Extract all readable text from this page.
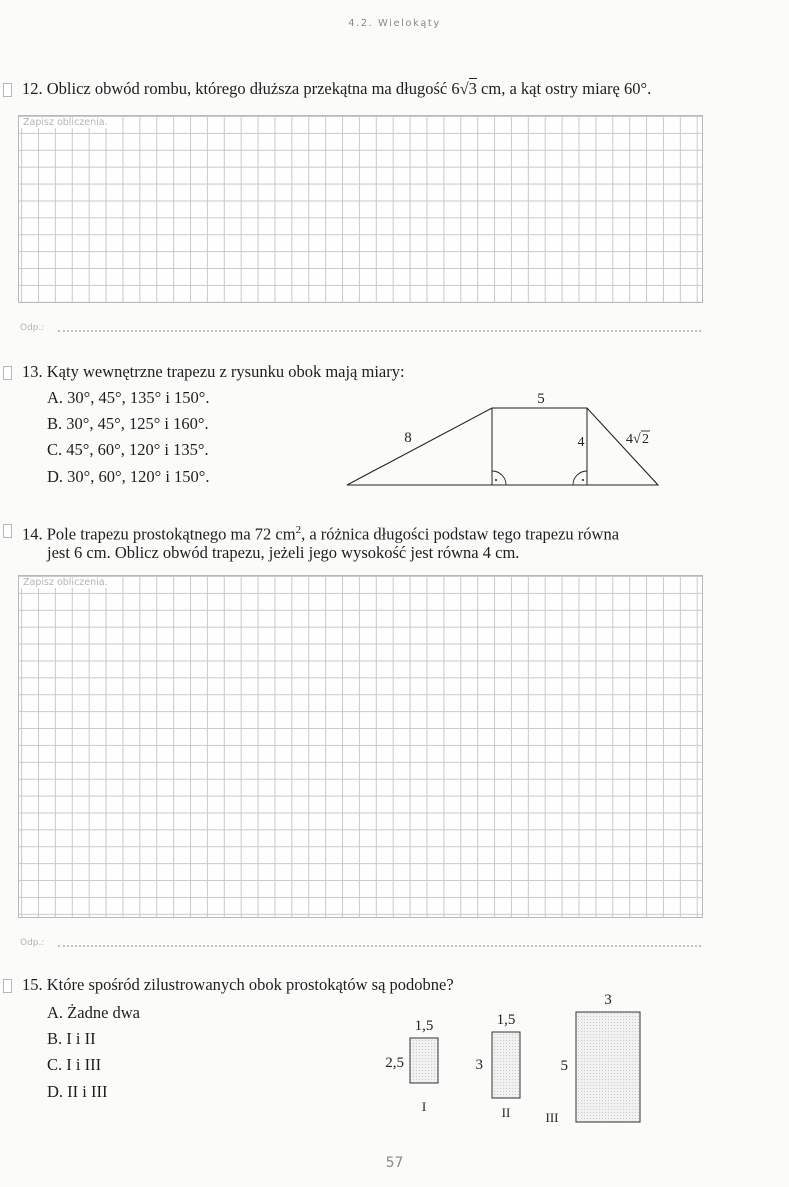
4.2. Wielokąty
12. Oblicz obwód rombu, którego dłuższa przekątna ma długość 6√3 cm, a kąt ostry miarę 60°.
Zapisz obliczenia.
Odp.:
13. Kąty wewnętrzne trapezu z rysunku obok mają miary:
A. 30°, 45°, 135° i 150°.
B. 30°, 45°, 125° i 160°.
C. 45°, 60°, 120° i 135°.
D. 30°, 60°, 120° i 150°.
5
8	4	4 √ 2
14. Pole trapezu prostokątnego ma 72 $cm^2$, a różnica długości podstaw tego trapezu równa
jest 6 cm. Oblicz obwód trapezu, jeżeli jego wysokość jest równa 4 cm.
Zapisz obliczenia.
Odp.:
15. Które spośród zilustrowanych obok prostokątów są podobne?
A. Żadne dwa
B. I i II
C. I i III
D. II i III
1,5
2,5
I
1,5
3
II
3
5
III
57
